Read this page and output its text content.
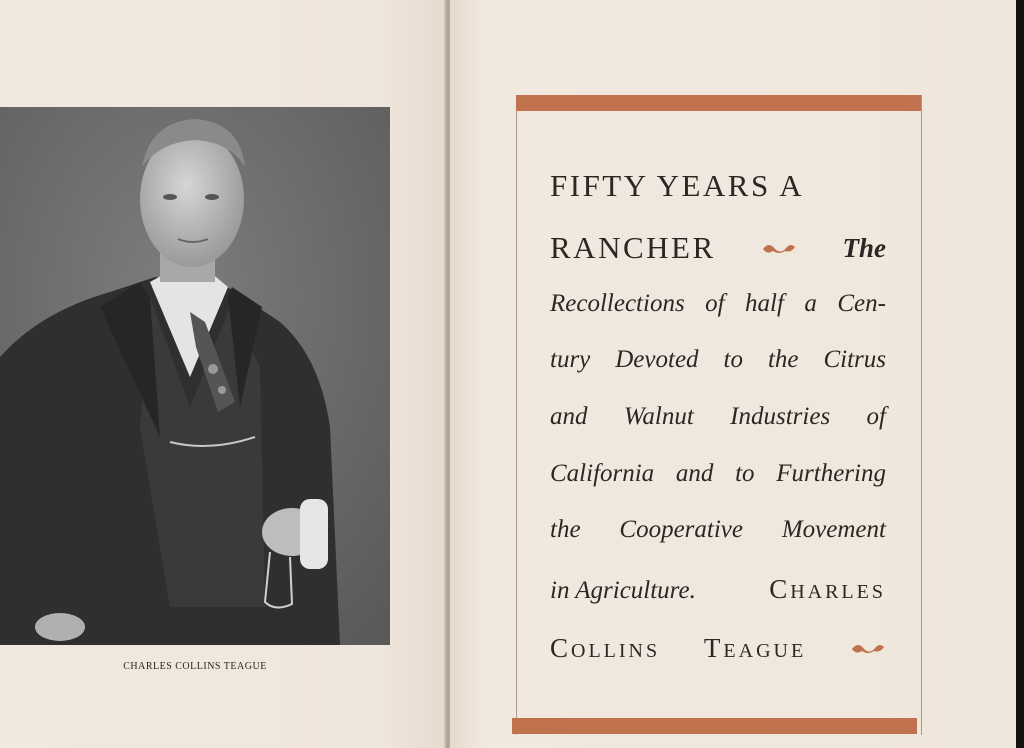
CHARLES COLLINS TEAGUE
FIFTY YEARS A
RANCHER	The
Recollections of half a Cen-
tury Devoted to the Citrus
and Walnut Industries of
California and to Furthering
the Cooperative Movement
in Agriculture.	CHARLES
COLLINS TEAGUE
